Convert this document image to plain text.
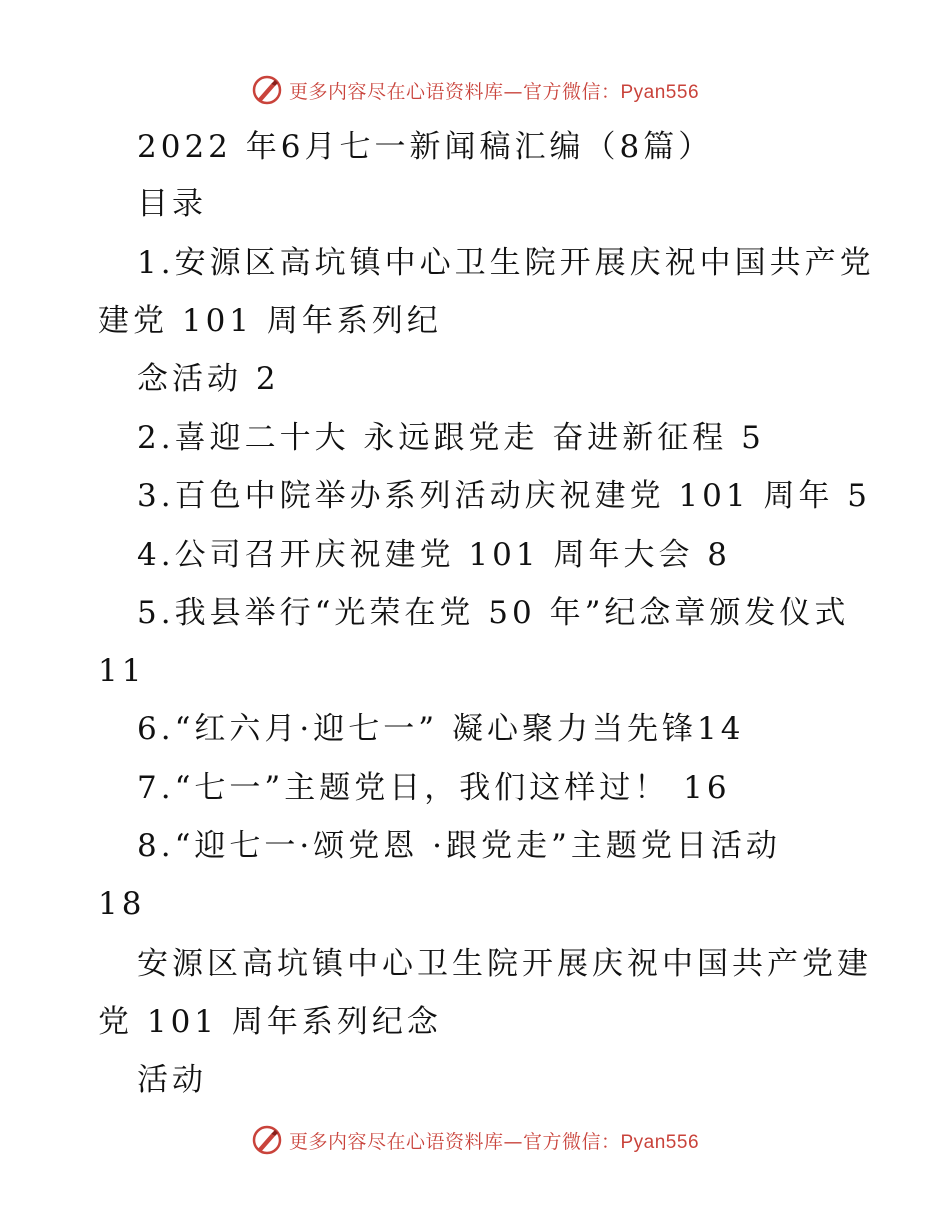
更多内容尽在心语资料库—官方微信：Pyan556
2022 年6月七一新闻稿汇编（8篇）
目录
1.安源区高坑镇中心卫生院开展庆祝中国共产党
建党 101 周年系列纪
念活动 2
2.喜迎二十大 永远跟党走 奋进新征程 5
3.百色中院举办系列活动庆祝建党 101 周年 5
4.公司召开庆祝建党 101 周年大会 8
5.我县举行“光荣在党 50 年”纪念章颁发仪式
11
6.“红六月·迎七一” 凝心聚力当先锋14
7.“七一”主题党日，我们这样过！ 16
8.“迎七一·颂党恩 ·跟党走”主题党日活动
18
安源区高坑镇中心卫生院开展庆祝中国共产党建
党 101 周年系列纪念
活动
更多内容尽在心语资料库—官方微信：Pyan556
